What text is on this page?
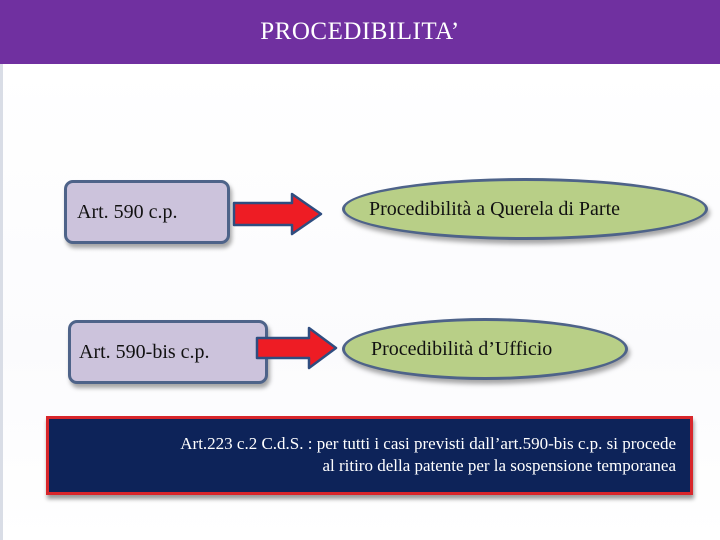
PROCEDIBILITA’
Art. 590 c.p.	Procedibilità a Querela di Parte
Art. 590-bis c.p.	Procedibilità d’Ufficio
Art.223 c.2 C.d.S. : per tutti i casi previsti dall’art.590-bis c.p. si procede
al ritiro della patente per la sospensione temporanea
